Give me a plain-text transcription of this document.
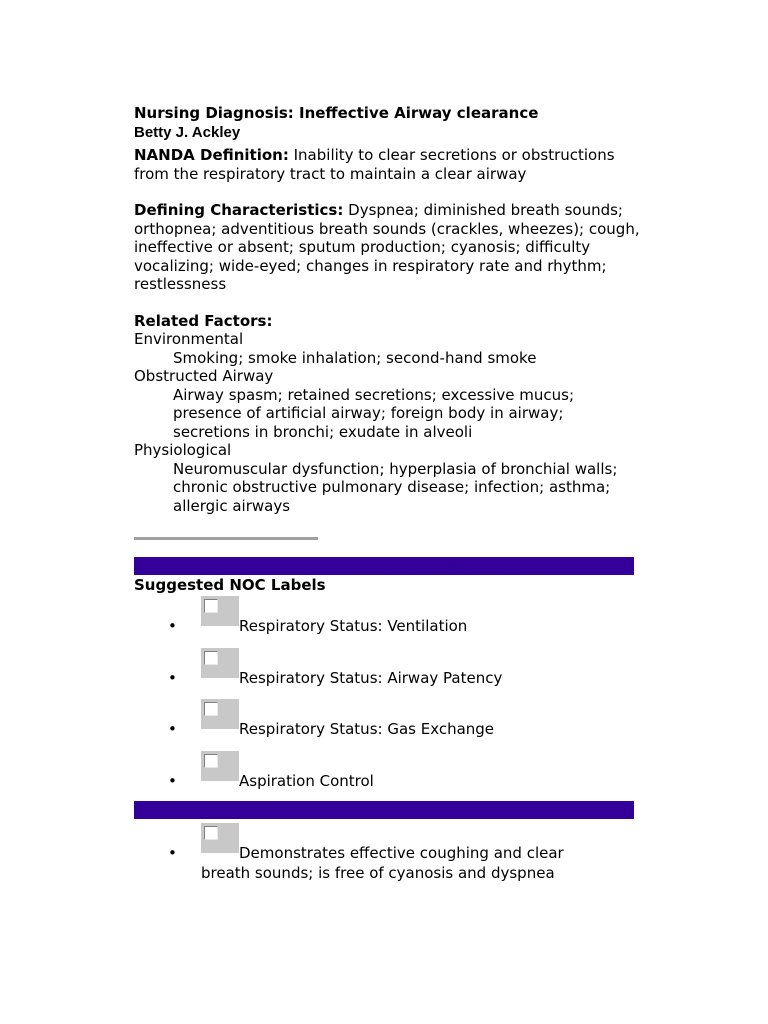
Nursing Diagnosis: Ineffective Airway clearance

Betty J. Ackley

NANDA Definition: Inability to clear secretions or obstructions from the respiratory tract to maintain a clear airway

Defining Characteristics: Dyspnea; diminished breath sounds; orthopnea; adventitious breath sounds (crackles, wheezes); cough, ineffective or absent; sputum production; cyanosis; difficulty vocalizing; wide-eyed; changes in respiratory rate and rhythm; restlessness

Related Factors:

Environmental

Smoking; smoke inhalation; second-hand smoke

Obstructed Airway

Airway spasm; retained secretions; excessive mucus; presence of artificial airway; foreign body in airway; secretions in bronchi; exudate in alveoli

Physiological

Neuromuscular dysfunction; hyperplasia of bronchial walls; chronic obstructive pulmonary disease; infection; asthma; allergic airways

NOC Outcomes (Nursing Outcomes Classification)

Suggested NOC Labels

•	Respiratory Status: Ventilation
•	Respiratory Status: Airway Patency
•	Respiratory Status: Gas Exchange
•	Aspiration Control
Client Outcomes
•	Demonstrates effective coughing and clear
breath sounds; is free of cyanosis and dyspnea
